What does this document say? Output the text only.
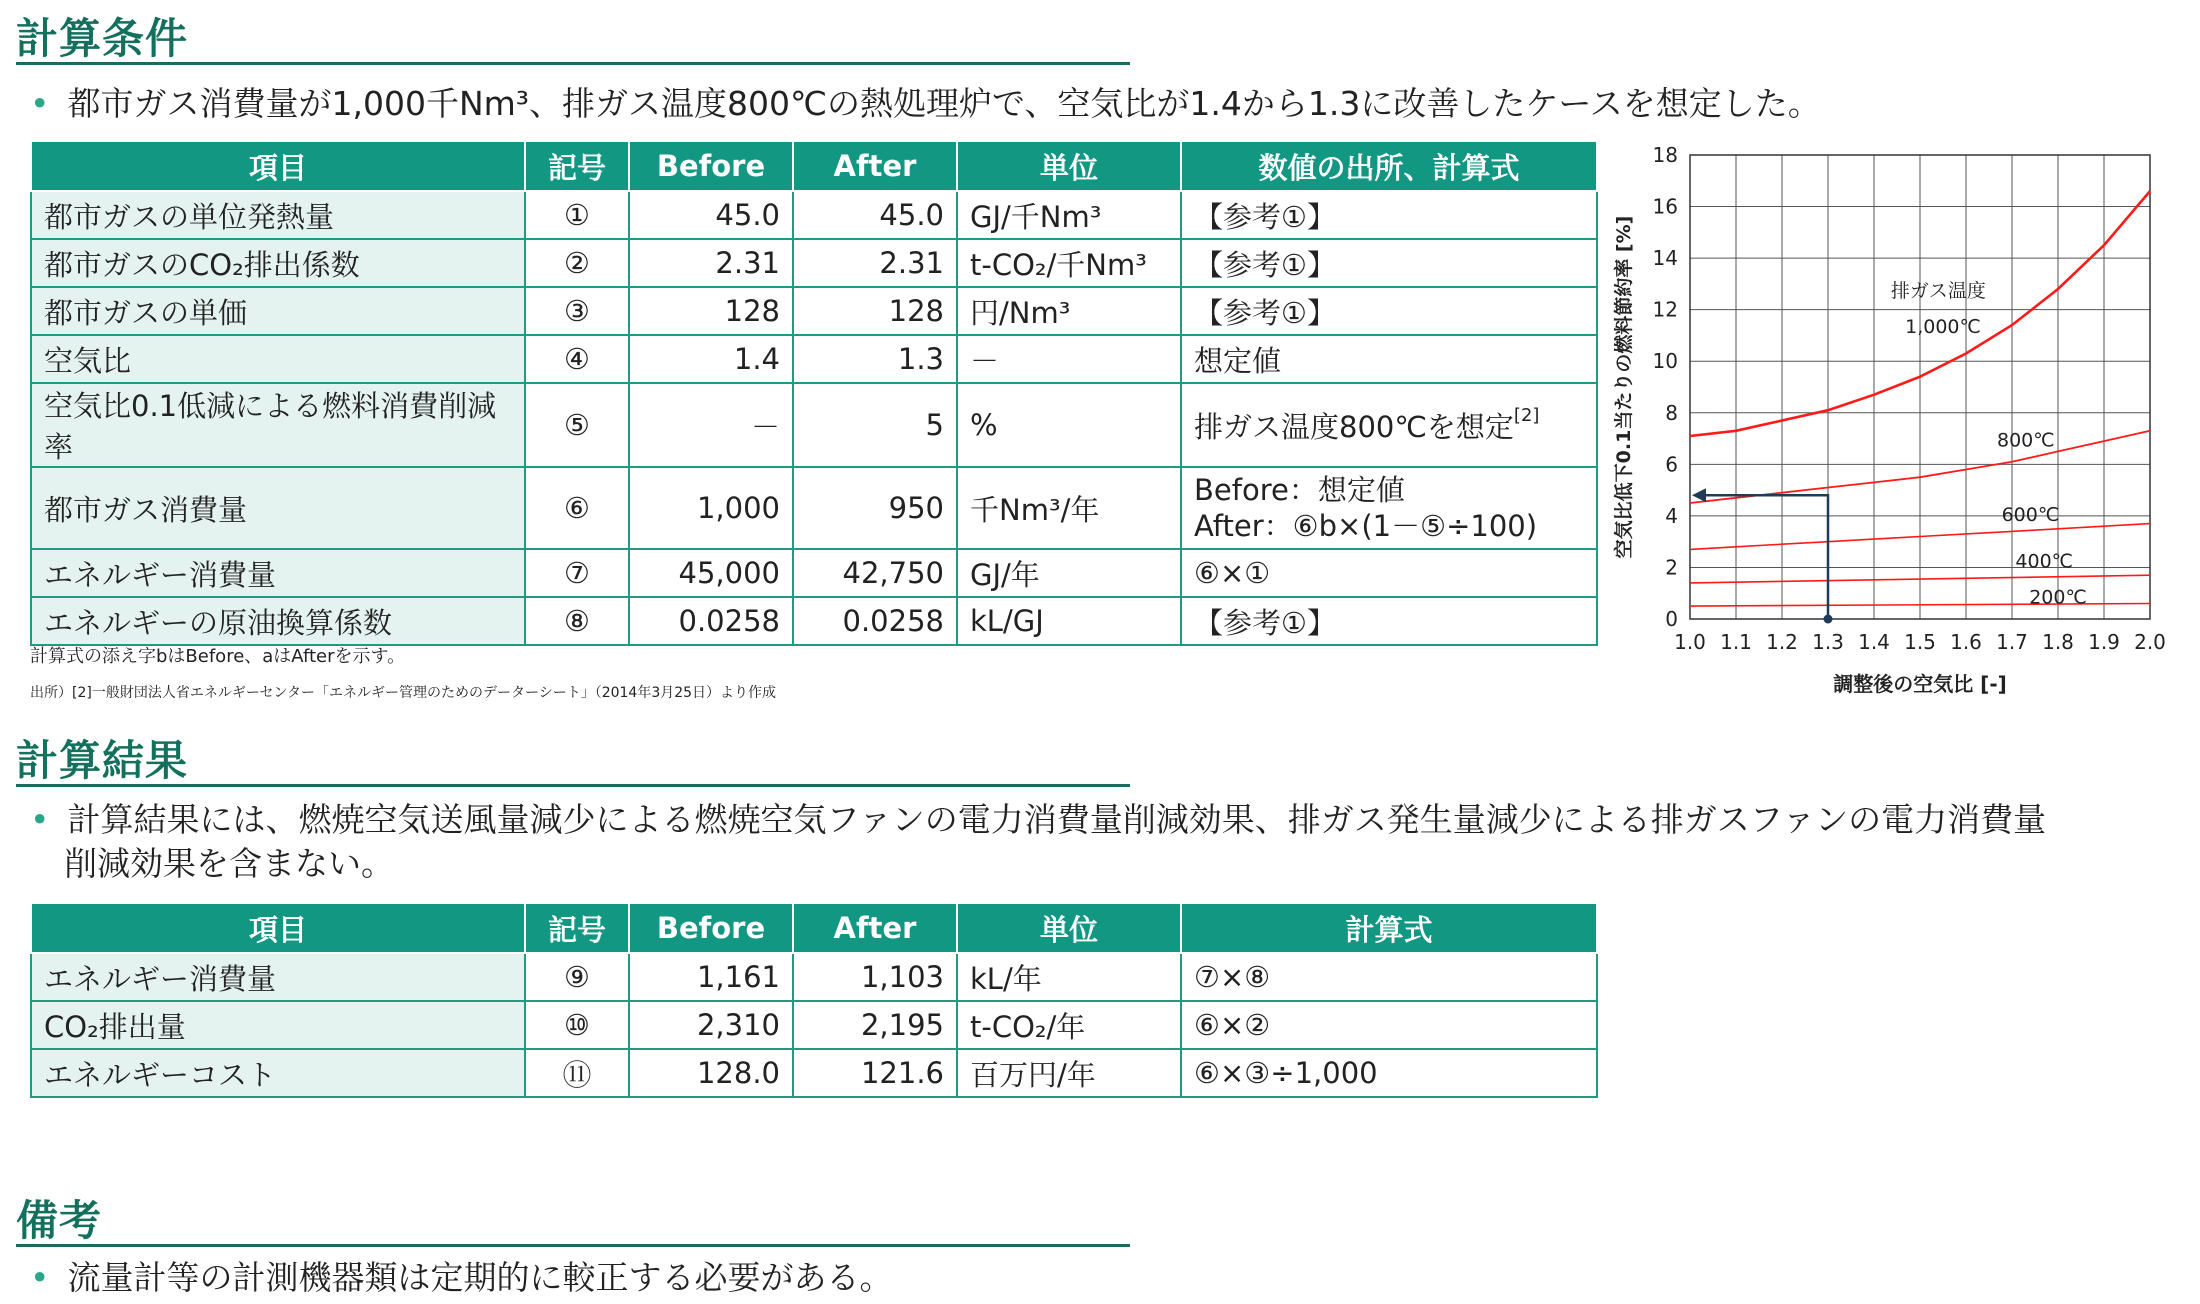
計算条件
• 都市ガス消費量が1,000千Nm³、排ガス温度800℃の熱処理炉で、空気比が1.4から1.3に改善したケースを想定した。
項目	記号	Before	After	単位	数値の出所、計算式
都市ガスの単位発熱量	①	45.0	45.0	GJ/千Nm³	【参考①】
都市ガスのCO₂排出係数	②	2.31	2.31	t-CO₂/千Nm³	【参考①】
都市ガスの単価	③	128	128	円/Nm³	【参考①】
空気比	④	1.4	1.3	－	想定値
空気比0.1低減による燃料消費削減率	⑤	－	5	%	排ガス温度800℃を想定[2]
都市ガス消費量	⑥	1,000	950	千Nm³/年	Before：想定値
After：⑥b×(1－⑤÷100)

エネルギー消費量	⑦	45,000	42,750	GJ/年	⑥×①
エネルギーの原油換算係数	⑧	0.0258	0.0258	kL/GJ	【参考①】
計算式の添え字bはBefore、aはAfterを示す。
出所）[2]一般財団法人省エネルギーセンター「エネルギー管理のためのデーターシート」（2014年3月25日）より作成
1.0 1.1 1.2 1.3 1.4 1.5 1.6 1.7 1.8 1.9 2.0
0
2
4
6
8
10
12
14
16
18
調整後の空気比 [-]
空気比低下0.1当たりの燃料節約率 [%]	排ガス温度
1,000℃
800℃
600℃
400℃
200℃
計算結果
• 計算結果には、燃焼空気送風量減少による燃焼空気ファンの電力消費量削減効果、排ガス発生量減少による排ガスファンの電力消費量
削減効果を含まない。
項目	記号	Before	After	単位	計算式
エネルギー消費量	⑨	1,161	1,103	kL/年	⑦×⑧
CO₂排出量	⑩	2,310	2,195	t-CO₂/年	⑥×②
エネルギーコスト	⑪	128.0	121.6	百万円/年	⑥×③÷1,000
備考
• 流量計等の計測機器類は定期的に較正する必要がある。
